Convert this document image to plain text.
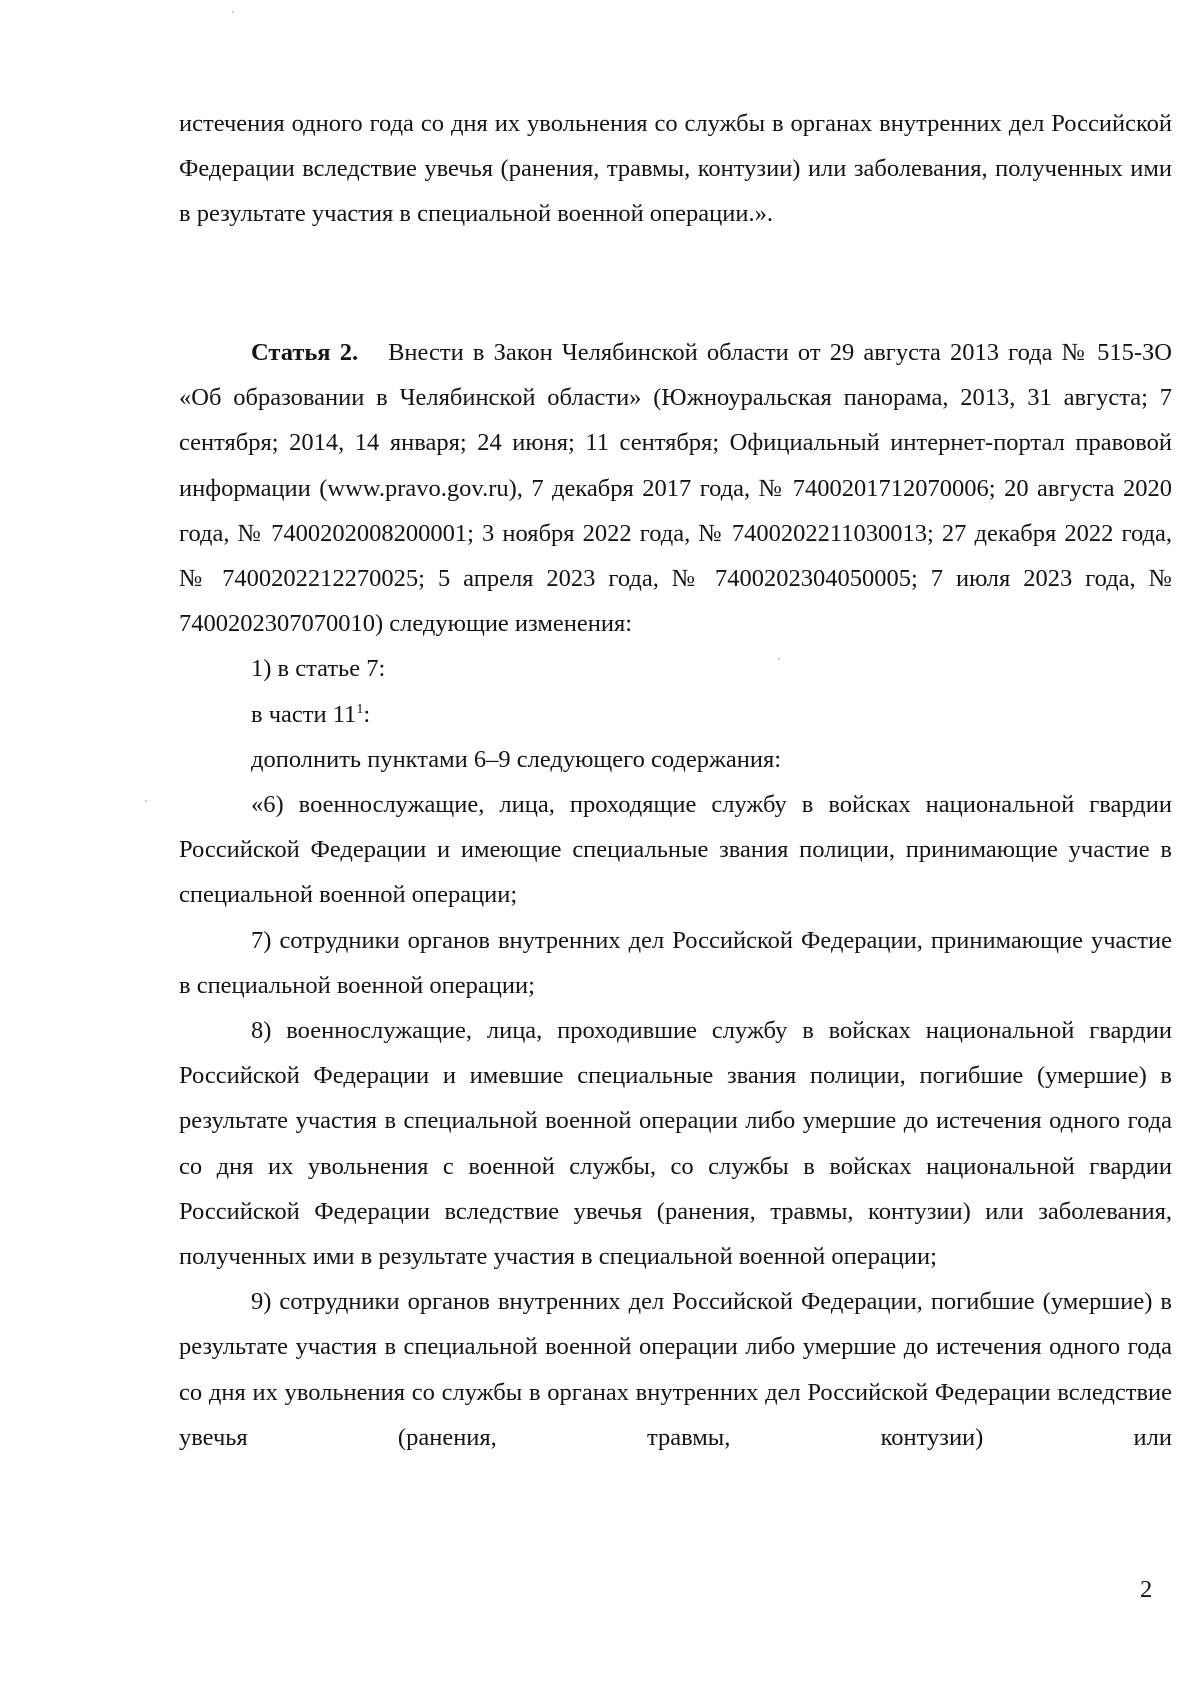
истечения одного года со дня их увольнения со службы в органах внутренних дел Российской Федерации вследствие увечья (ранения, травмы, контузии) или заболевания, полученных ими в результате участия в специальной военной операции.».

Статья 2. Внести в Закон Челябинской области от 29 августа 2013 года № 515-ЗО «Об образовании в Челябинской области» (Южноуральская панорама, 2013, 31 августа; 7 сентября; 2014, 14 января; 24 июня; 11 сентября; Официальный интернет-портал правовой информации (www.pravo.gov.ru), 7 декабря 2017 года, № 7400201712070006; 20 августа 2020 года, № 7400202008200001; 3 ноября 2022 года, № 7400202211030013; 27 декабря 2022 года, № 7400202212270025; 5 апреля 2023 года, № 7400202304050005; 7 июля 2023 года, № 7400202307070010) следующие изменения:

1) в статье 7:

в части $11^1$:

дополнить пунктами 6–9 следующего содержания:

«6) военнослужащие, лица, проходящие службу в войсках национальной гвардии Российской Федерации и имеющие специальные звания полиции, принимающие участие в специальной военной операции;

7) сотрудники органов внутренних дел Российской Федерации, принимающие участие в специальной военной операции;

8) военнослужащие, лица, проходившие службу в войсках национальной гвардии Российской Федерации и имевшие специальные звания полиции, погибшие (умершие) в результате участия в специальной военной операции либо умершие до истечения одного года со дня их увольнения с военной службы, со службы в войсках национальной гвардии Российской Федерации вследствие увечья (ранения, травмы, контузии) или заболевания, полученных ими в результате участия в специальной военной операции;

9) сотрудники органов внутренних дел Российской Федерации, погибшие (умершие) в результате участия в специальной военной операции либо умершие до истечения одного года со дня их увольнения со службы в органах внутренних дел Российской Федерации вследствие увечья (ранения, травмы, контузии) или

2
